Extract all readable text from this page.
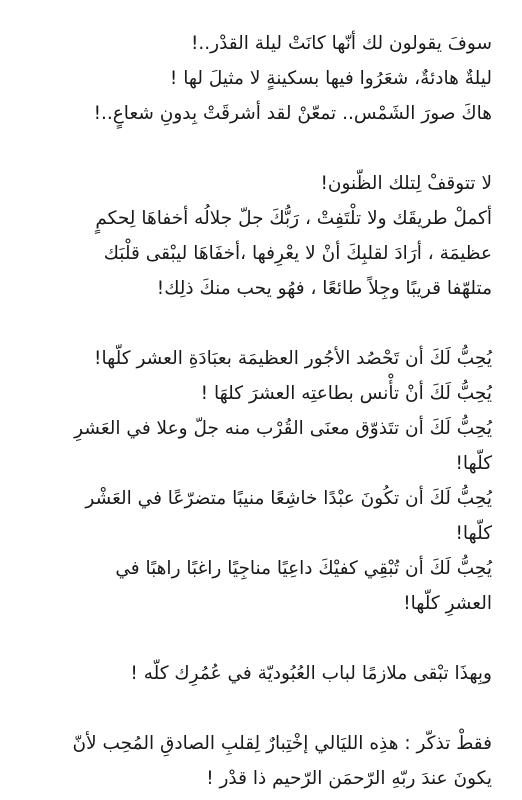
سوفَ يقولون لك أنّها كانَتْ ليلة القدْر..!
ليلةٌ هادئةٌ، شعَرُوا فيها بسكينةٍ لا مثيلَ لها !
هاكَ صورَ الشَمْس.. تمعّنْ لقد أشرقَتْ بِدونِ شعاعٍ..!
لا تتوقفْ لِتلك الظّنون!
أكملْ طريقَك ولا تلْتَفِتْ ، رَبُّكَ جلّ جلالُه أخفاهَا لِحكمٍ
عظيمَة ، أرَادَ لقلبِكَ أنْ لا يعْرِفها ،أخفَاهَا ليبْقى قلْبَك
متلهّفا قريبًا وجِلاً طائعًا ، فهُو يحب منكَ ذلِك!
يُحِبُّ لَكَ أن تَحْصُد الأجُور العظيمَة بعبَادَةِ العشر كلّها!
يُحِبُّ لَكَ أنْ تأْنس بطاعتِه العشرَ كلهَا !
يُحِبُّ لَكَ أن تتَذوّق معنَى القُرْب منه جلّ وعلا في العَشرِ
كلّها!
يُحِبُّ لَكَ أن تكُونَ عبْدًا خاشِعًا منيبًا متضرّعًا في العَشْر
كلّها!
يُحِبُّ لَكَ أن تُبْقِي كفيْكَ داعِيًا مناجِيًا راغبًا راهبًا في
العشرِ كلّها!
وبِهذَا تبْقى ملازمًا لباب العُبُوديّة في عُمُرِك كلّه !
فقطْ تذكّر : هذِه الليَالي إخْتِبارٌ لِقلبِ الصادقِ المُحِب لأنّ
يكونَ عندَ ربّهِ الرّحمَن الرّحيم ذا قدْر !
